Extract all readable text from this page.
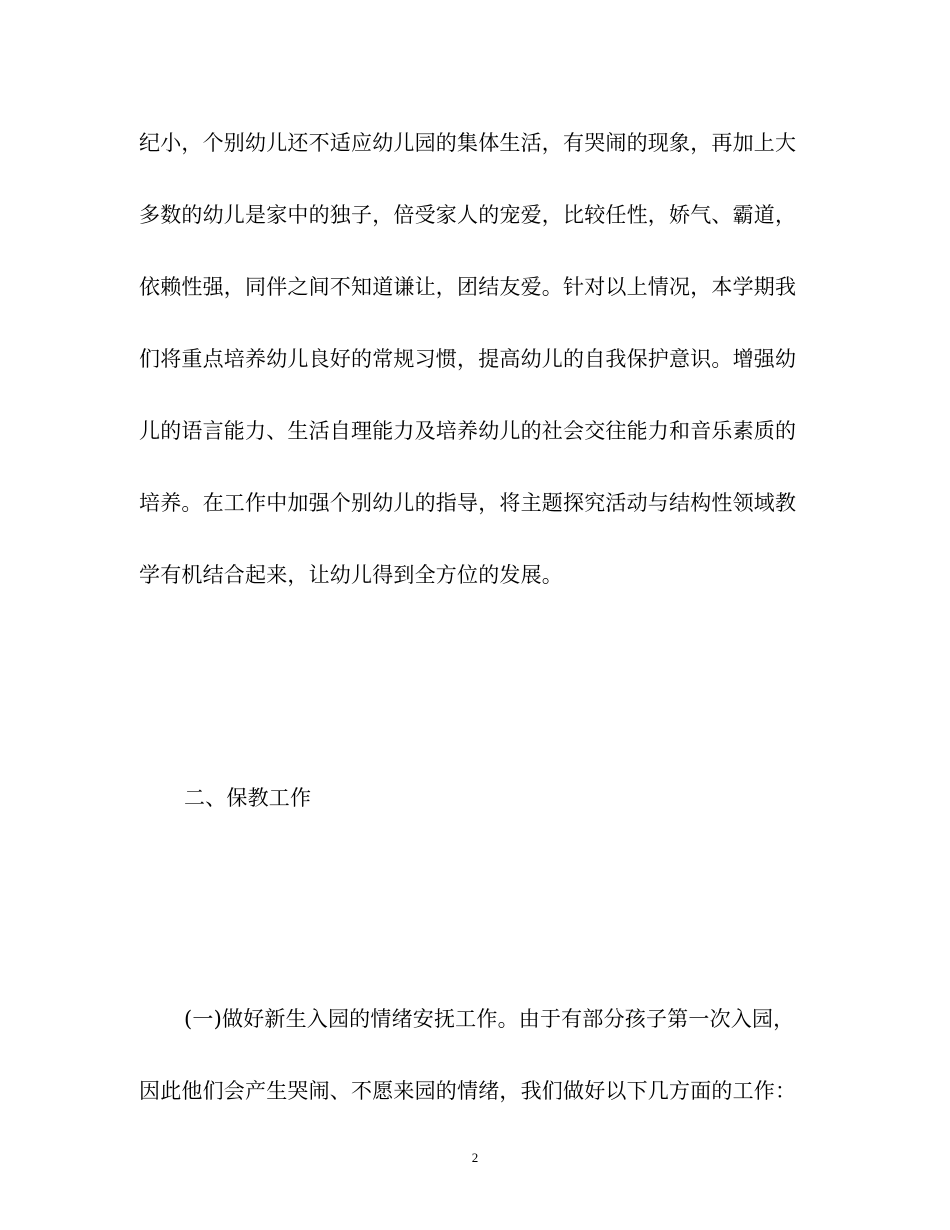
纪小，个别幼儿还不适应幼儿园的集体生活，有哭闹的现象，再加上大
多数的幼儿是家中的独子，倍受家人的宠爱，比较任性，娇气、霸道，
依赖性强，同伴之间不知道谦让，团结友爱。针对以上情况，本学期我
们将重点培养幼儿良好的常规习惯，提高幼儿的自我保护意识。增强幼
儿的语言能力、生活自理能力及培养幼儿的社会交往能力和音乐素质的
培养。在工作中加强个别幼儿的指导，将主题探究活动与结构性领域教
学有机结合起来，让幼儿得到全方位的发展。
二、保教工作
(一)做好新生入园的情绪安抚工作。由于有部分孩子第一次入园，
因此他们会产生哭闹、不愿来园的情绪，我们做好以下几方面的工作：
2
